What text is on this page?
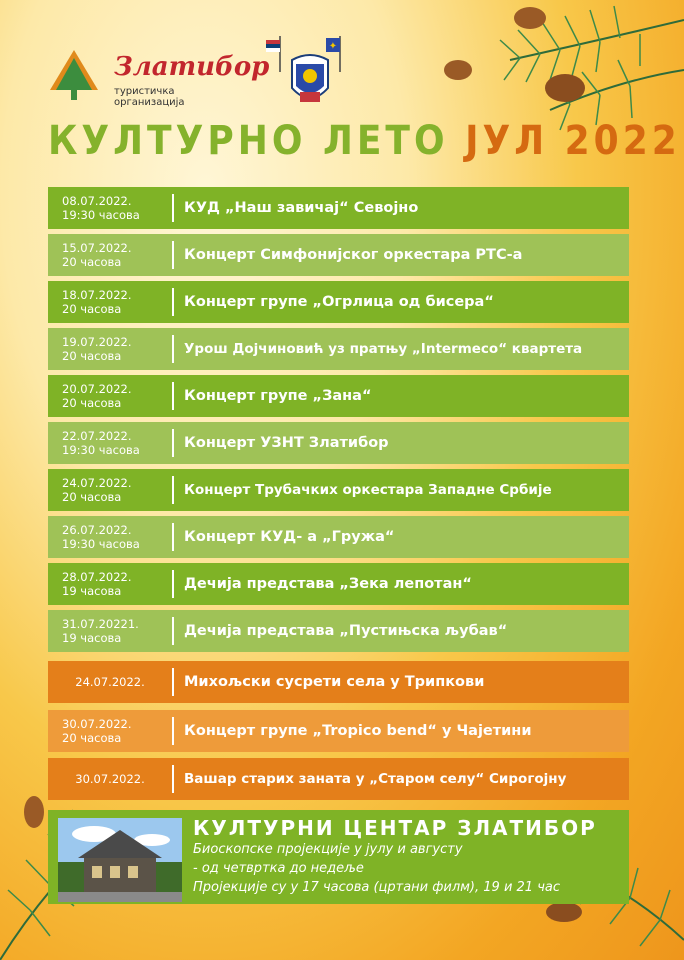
Златибор
туристичка организација
✦
КУЛТУРНО ЛЕТО ЈУЛ 2022
08.07.2022.
19:30 часова	КУД „Наш завичај“ Севојно
15.07.2022.
20 часова	Концерт Симфонијског оркестара РТС-а
18.07.2022.
20 часова	Концерт групе „Огрлица од бисера“
19.07.2022.
20 часова	Урош Дојчиновић уз пратњу „Intermeco“ квартета
20.07.2022.
20 часова	Концерт групе „Зана“
22.07.2022.
19:30 часова	Концерт УЗНТ Златибор
24.07.2022.
20 часова	Концерт Трубачких оркестара Западне Србије
26.07.2022.
19:30 часова	Концерт КУД- а „Гружа“
28.07.2022.
19 часова	Дечија представа „Зека лепотан“
31.07.20221.
19 часова	Дечија представа „Пустињска љубав“
24.07.2022.	Михољски сусрети села у Трипкови
30.07.2022.
20 часова	Концерт групе „Tropico bend“ у Чајетини
30.07.2022.	Вашар старих заната у „Старом селу“ Сирогојну
КУЛТУРНИ ЦЕНТАР ЗЛАТИБОР
Биоскопске пројекције у јулу и августу
- од четвртка до недеље
Пројекције су у 17 часова (цртани филм), 19 и 21 час
